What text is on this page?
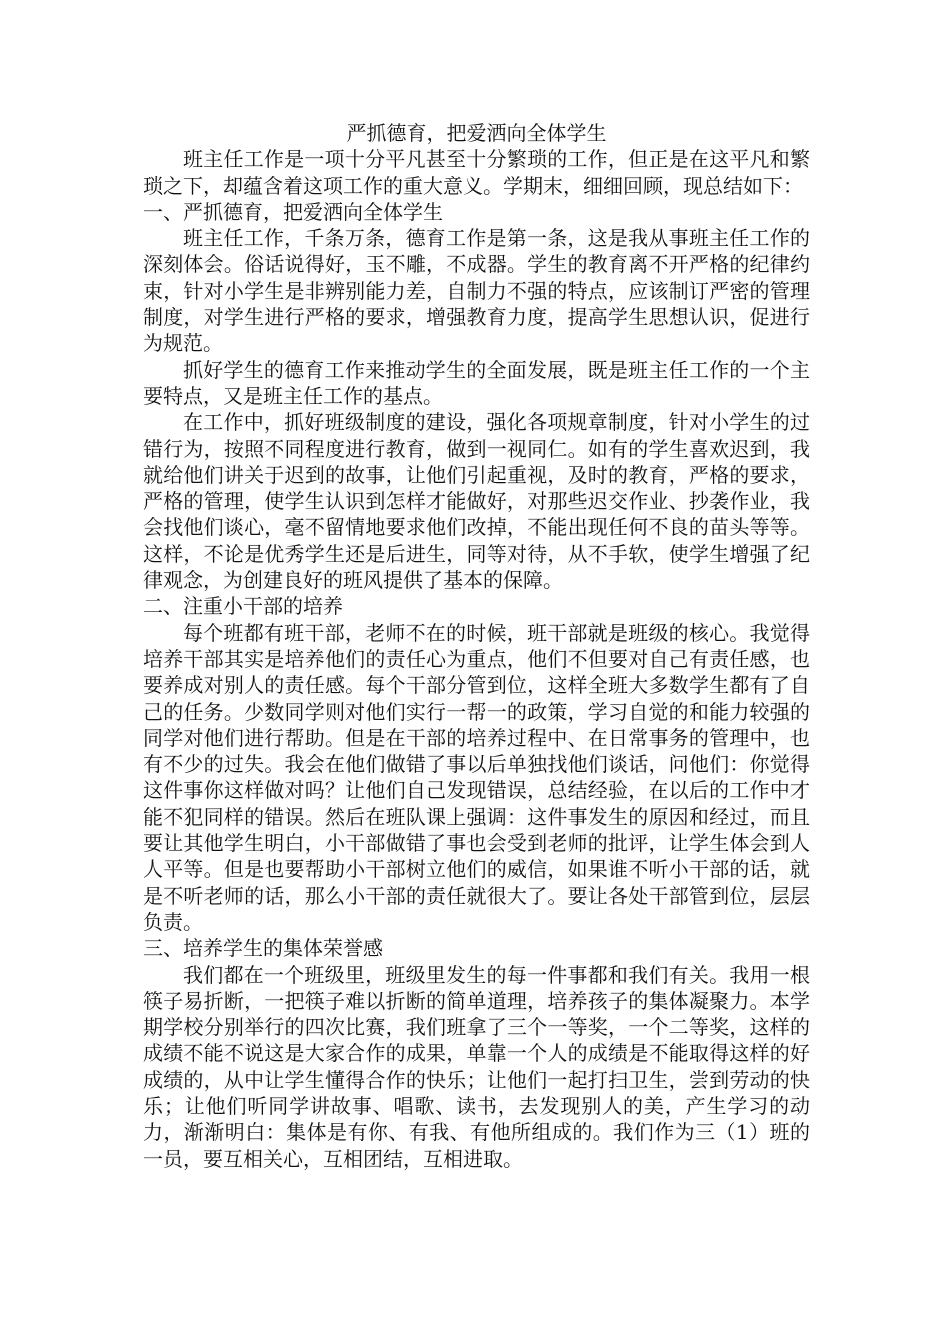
严抓德育，把爱洒向全体学生

班主任工作是一项十分平凡甚至十分繁琐的工作，但正是在这平凡和繁琐之下，却蕴含着这项工作的重大意义。学期末，细细回顾，现总结如下：

一、严抓德育，把爱洒向全体学生

班主任工作，千条万条，德育工作是第一条，这是我从事班主任工作的深刻体会。俗话说得好，玉不雕，不成器。学生的教育离不开严格的纪律约束，针对小学生是非辨别能力差，自制力不强的特点，应该制订严密的管理制度，对学生进行严格的要求，增强教育力度，提高学生思想认识，促进行为规范。

抓好学生的德育工作来推动学生的全面发展，既是班主任工作的一个主要特点，又是班主任工作的基点。

在工作中，抓好班级制度的建设，强化各项规章制度，针对小学生的过错行为，按照不同程度进行教育，做到一视同仁。如有的学生喜欢迟到，我就给他们讲关于迟到的故事，让他们引起重视，及时的教育，严格的要求，严格的管理，使学生认识到怎样才能做好，对那些迟交作业、抄袭作业，我会找他们谈心，毫不留情地要求他们改掉，不能出现任何不良的苗头等等。这样，不论是优秀学生还是后进生，同等对待，从不手软，使学生增强了纪律观念，为创建良好的班风提供了基本的保障。

二、注重小干部的培养

每个班都有班干部，老师不在的时候，班干部就是班级的核心。我觉得培养干部其实是培养他们的责任心为重点，他们不但要对自己有责任感，也要养成对别人的责任感。每个干部分管到位，这样全班大多数学生都有了自己的任务。少数同学则对他们实行一帮一的政策，学习自觉的和能力较强的同学对他们进行帮助。但是在干部的培养过程中、在日常事务的管理中，也有不少的过失。我会在他们做错了事以后单独找他们谈话，问他们：你觉得这件事你这样做对吗？让他们自己发现错误，总结经验，在以后的工作中才能不犯同样的错误。然后在班队课上强调：这件事发生的原因和经过，而且要让其他学生明白，小干部做错了事也会受到老师的批评，让学生体会到人人平等。但是也要帮助小干部树立他们的威信，如果谁不听小干部的话，就是不听老师的话，那么小干部的责任就很大了。要让各处干部管到位，层层负责。

三、培养学生的集体荣誉感

我们都在一个班级里，班级里发生的每一件事都和我们有关。我用一根筷子易折断，一把筷子难以折断的简单道理，培养孩子的集体凝聚力。本学期学校分别举行的四次比赛，我们班拿了三个一等奖，一个二等奖，这样的成绩不能不说这是大家合作的成果，单靠一个人的成绩是不能取得这样的好成绩的，从中让学生懂得合作的快乐；让他们一起打扫卫生，尝到劳动的快乐；让他们听同学讲故事、唱歌、读书，去发现别人的美，产生学习的动力，渐渐明白：集体是有你、有我、有他所组成的。我们作为三（1）班的一员，要互相关心，互相团结，互相进取。
